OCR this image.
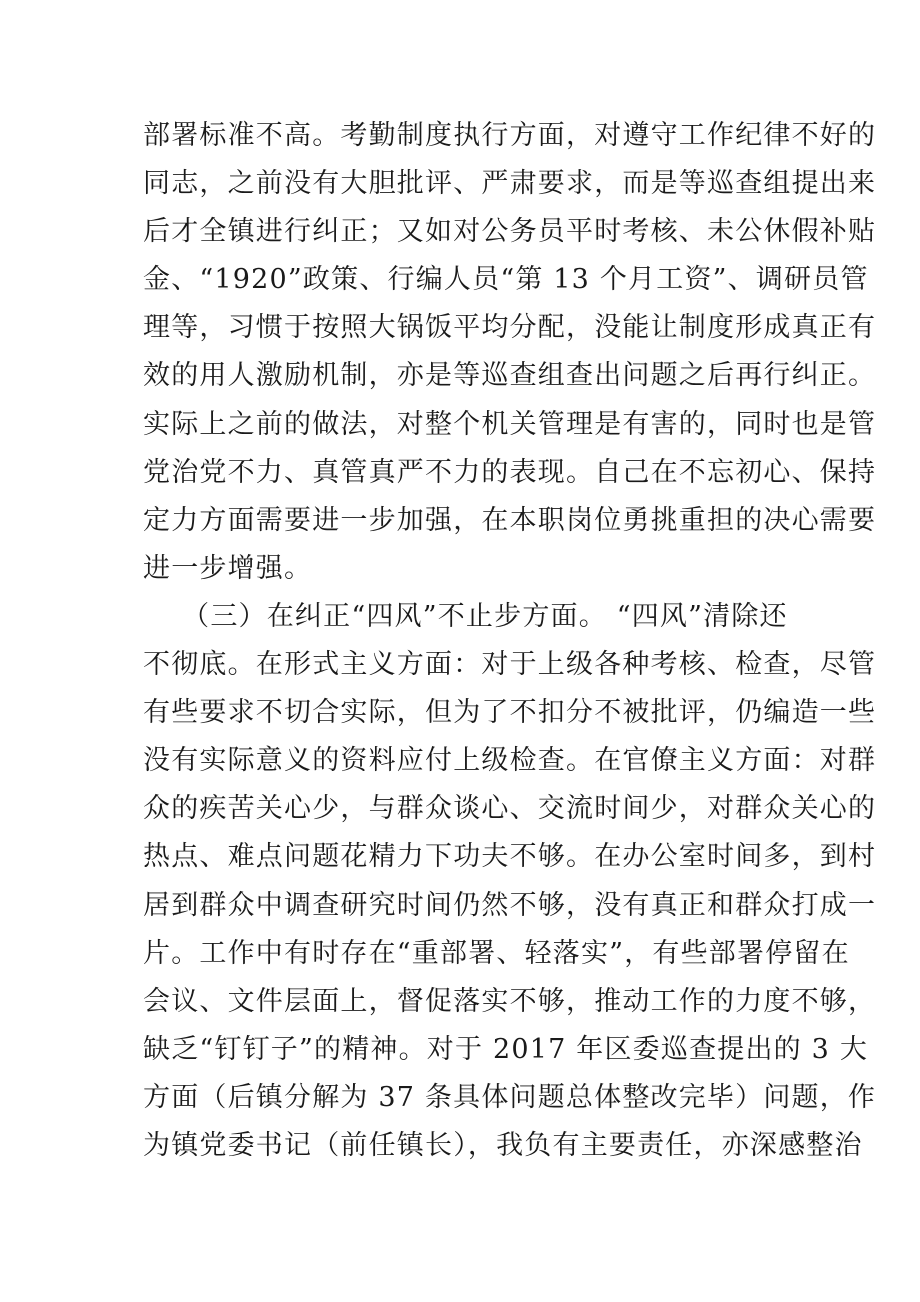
部署标准不高。考勤制度执行方面，对遵守工作纪律不好的
同志，之前没有大胆批评、严肃要求，而是等巡查组提出来
后才全镇进行纠正；又如对公务员平时考核、未公休假补贴
金、“1920”政策、行编人员“第 13 个月工资”、调研员管
理等，习惯于按照大锅饭平均分配，没能让制度形成真正有
效的用人激励机制，亦是等巡查组查出问题之后再行纠正。
实际上之前的做法，对整个机关管理是有害的，同时也是管
党治党不力、真管真严不力的表现。自己在不忘初心、保持
定力方面需要进一步加强，在本职岗位勇挑重担的决心需要
进一步增强。
（三）在纠正“四风”不止步方面。 “四风”清除还
不彻底。在形式主义方面：对于上级各种考核、检查，尽管
有些要求不切合实际，但为了不扣分不被批评，仍编造一些
没有实际意义的资料应付上级检查。在官僚主义方面：对群
众的疾苦关心少，与群众谈心、交流时间少，对群众关心的
热点、难点问题花精力下功夫不够。在办公室时间多，到村
居到群众中调查研究时间仍然不够，没有真正和群众打成一
片。工作中有时存在“重部署、轻落实”，有些部署停留在
会议、文件层面上，督促落实不够，推动工作的力度不够，
缺乏“钉钉子”的精神。对于 2017 年区委巡查提出的 3 大
方面（后镇分解为 37 条具体问题总体整改完毕）问题，作
为镇党委书记（前任镇长），我负有主要责任，亦深感整治
